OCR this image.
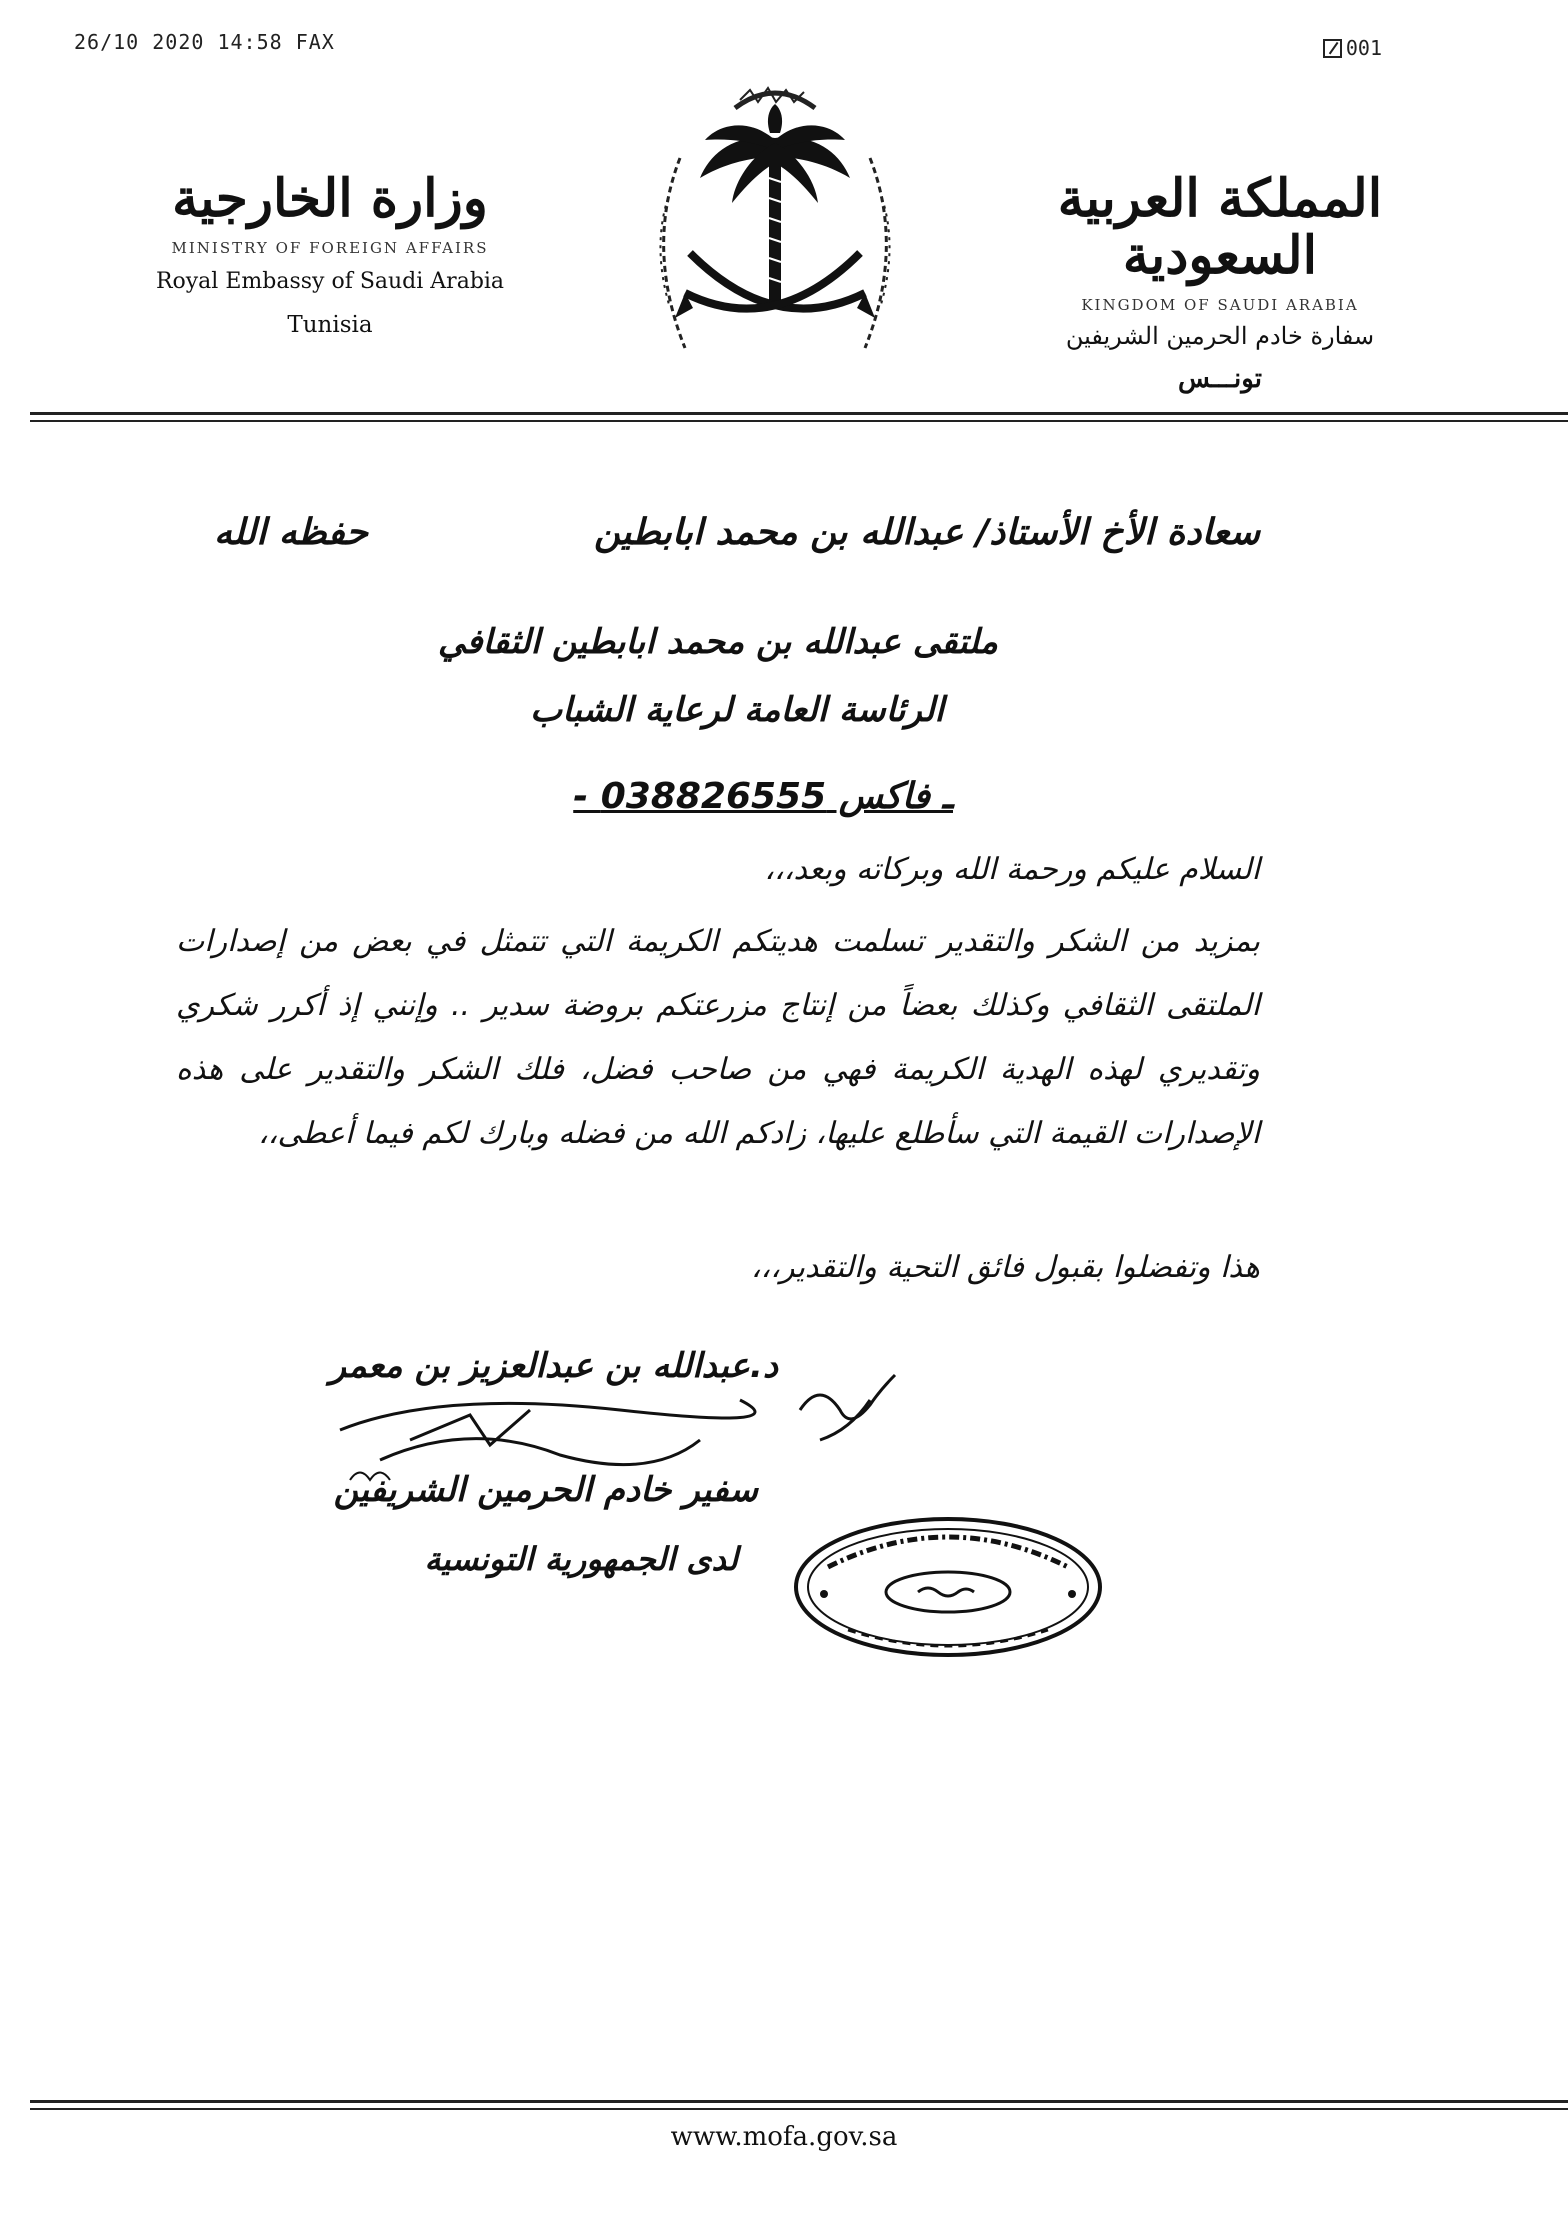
26/10 2020 14:58 FAX	001
وزارة الخارجية
MINISTRY OF FOREIGN AFFAIRS
Royal Embassy of Saudi Arabia
Tunisia
المملكة العربية السعودية
KINGDOM OF SAUDI ARABIA
سفارة خادم الحرمين الشريفين
تونـــس
سعادة الأخ الأستاذ/ عبدالله بن محمد ابابطين
حفظه الله
ملتقى عبدالله بن محمد ابابطين الثقافي
الرئاسة العامة لرعاية الشباب
ـ فاكس 038826555 -
السلام عليكم ورحمة الله وبركاته وبعد،،،
بمزيد من الشكر والتقدير تسلمت هديتكم الكريمة التي تتمثل في بعض من إصدارات الملتقى الثقافي وكذلك بعضاً من إنتاج مزرعتكم بروضة سدير .. وإنني إذ أكرر شكري وتقديري لهذه الهدية الكريمة فهي من صاحب فضل، فلك الشكر والتقدير على هذه الإصدارات القيمة التي سأطلع عليها، زادكم الله من فضله وبارك لكم فيما أعطى،،
هذا وتفضلوا بقبول فائق التحية والتقدير،،،
د.عبدالله بن عبدالعزيز بن معمر
سفير خادم الحرمين الشريفين
لدى الجمهورية التونسية
www.mofa.gov.sa
